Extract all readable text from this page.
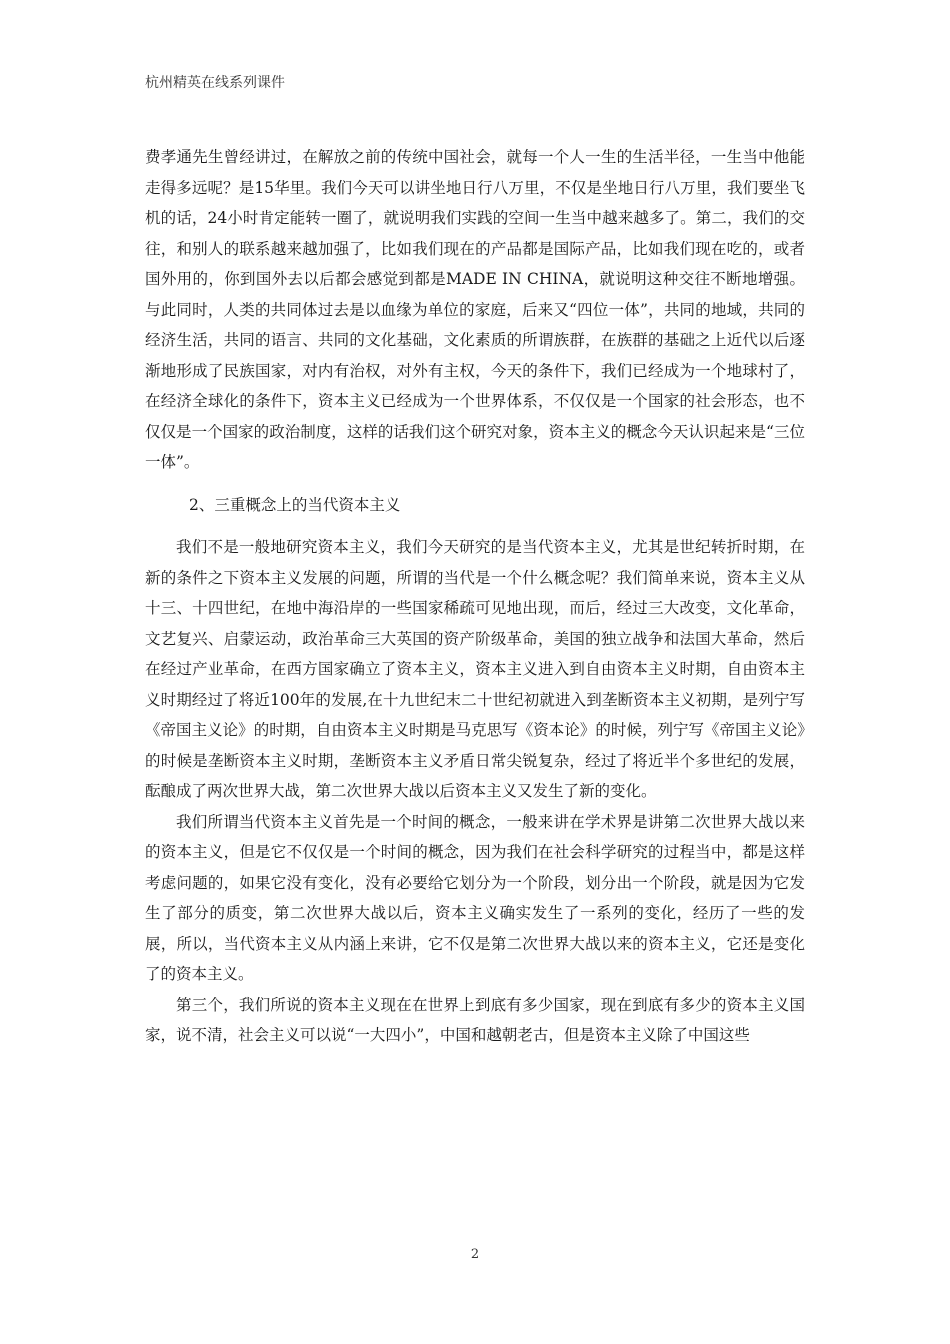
杭州精英在线系列课件

费孝通先生曾经讲过，在解放之前的传统中国社会，就每一个人一生的生活半径，一生当中他能走得多远呢？是15华里。我们今天可以讲坐地日行八万里，不仅是坐地日行八万里，我们要坐飞机的话，24小时肯定能转一圈了，就说明我们实践的空间一生当中越来越多了。第二，我们的交往，和别人的联系越来越加强了，比如我们现在的产品都是国际产品，比如我们现在吃的，或者国外用的，你到国外去以后都会感觉到都是MADE IN CHINA，就说明这种交往不断地增强。与此同时，人类的共同体过去是以血缘为单位的家庭，后来又“四位一体”，共同的地域，共同的经济生活，共同的语言、共同的文化基础，文化素质的所谓族群，在族群的基础之上近代以后逐渐地形成了民族国家，对内有治权，对外有主权，今天的条件下，我们已经成为一个地球村了，在经济全球化的条件下，资本主义已经成为一个世界体系，不仅仅是一个国家的社会形态，也不仅仅是一个国家的政治制度，这样的话我们这个研究对象，资本主义的概念今天认识起来是“三位一体”。

2、三重概念上的当代资本主义

我们不是一般地研究资本主义，我们今天研究的是当代资本主义，尤其是世纪转折时期，在新的条件之下资本主义发展的问题，所谓的当代是一个什么概念呢？我们简单来说，资本主义从十三、十四世纪，在地中海沿岸的一些国家稀疏可见地出现，而后，经过三大改变，文化革命，文艺复兴、启蒙运动，政治革命三大英国的资产阶级革命，美国的独立战争和法国大革命，然后在经过产业革命，在西方国家确立了资本主义，资本主义进入到自由资本主义时期，自由资本主义时期经过了将近100年的发展,在十九世纪末二十世纪初就进入到垄断资本主义初期，是列宁写《帝国主义论》的时期，自由资本主义时期是马克思写《资本论》的时候，列宁写《帝国主义论》的时候是垄断资本主义时期，垄断资本主义矛盾日常尖锐复杂，经过了将近半个多世纪的发展，酝酿成了两次世界大战，第二次世界大战以后资本主义又发生了新的变化。

我们所谓当代资本主义首先是一个时间的概念，一般来讲在学术界是讲第二次世界大战以来的资本主义，但是它不仅仅是一个时间的概念，因为我们在社会科学研究的过程当中，都是这样考虑问题的，如果它没有变化，没有必要给它划分为一个阶段，划分出一个阶段，就是因为它发生了部分的质变，第二次世界大战以后，资本主义确实发生了一系列的变化，经历了一些的发展，所以，当代资本主义从内涵上来讲，它不仅是第二次世界大战以来的资本主义，它还是变化了的资本主义。

第三个，我们所说的资本主义现在在世界上到底有多少国家，现在到底有多少的资本主义国家，说不清，社会主义可以说“一大四小”，中国和越朝老古，但是资本主义除了中国这些

2
